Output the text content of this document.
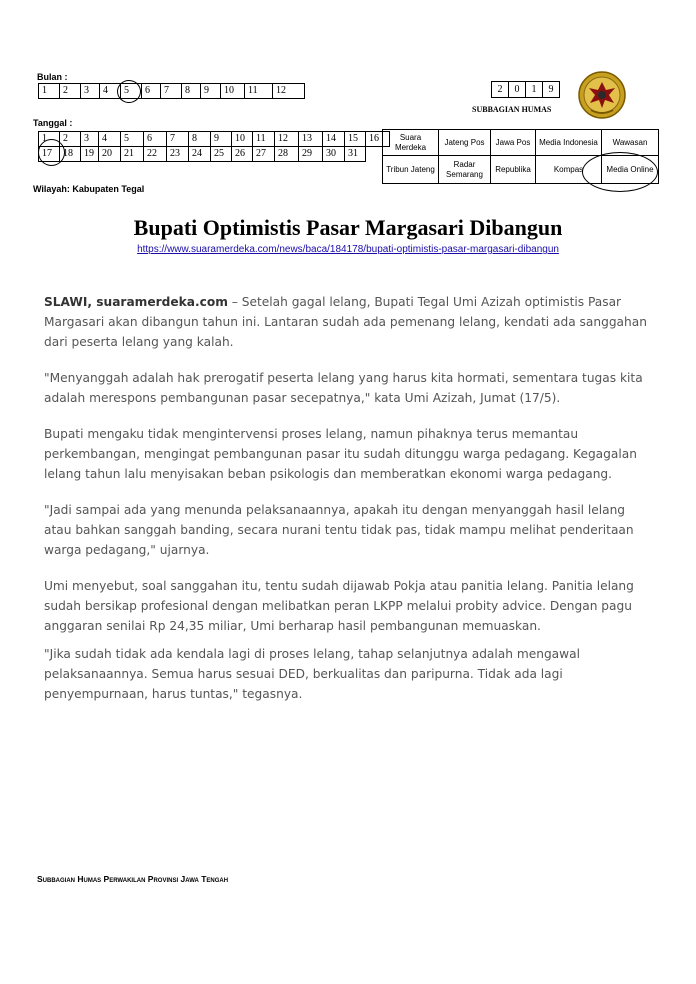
Bulan :
1	2	3	4	5	6	7	8	9	10	11	12
Tanggal :
1	2	3	4	5	6	7	8	9	10	11	12	13	14	15	16
17	18	19	20	21	22	23	24	25	26	27	28	29	30	31	
Wilayah: Kabupaten Tegal
2	0	1	9
SUBBAGIAN HUMAS
Suara Merdeka	Jateng Pos	Jawa Pos	Media Indonesia	Wawasan
Tribun Jateng	Radar Semarang	Republika	Kompas	Media Online
Bupati Optimistis Pasar Margasari Dibangun
https://www.suaramerdeka.com/news/baca/184178/bupati-optimistis-pasar-margasari-dibangun

SLAWI, suaramerdeka.com – Setelah gagal lelang, Bupati Tegal Umi Azizah optimistis Pasar Margasari akan dibangun tahun ini. Lantaran sudah ada pemenang lelang, kendati ada sanggahan dari peserta lelang yang kalah.

"Menyanggah adalah hak prerogatif peserta lelang yang harus kita hormati, sementara tugas kita adalah merespons pembangunan pasar secepatnya," kata Umi Azizah, Jumat (17/5).

Bupati mengaku tidak mengintervensi proses lelang, namun pihaknya terus memantau perkembangan, mengingat pembangunan pasar itu sudah ditunggu warga pedagang. Kegagalan lelang tahun lalu menyisakan beban psikologis dan memberatkan ekonomi warga pedagang.

"Jadi sampai ada yang menunda pelaksanaannya, apakah itu dengan menyanggah hasil lelang atau bahkan sanggah banding, secara nurani tentu tidak pas, tidak mampu melihat penderitaan warga pedagang," ujarnya.

Umi menyebut, soal sanggahan itu, tentu sudah dijawab Pokja atau panitia lelang. Panitia lelang sudah bersikap profesional dengan melibatkan peran LKPP melalui probity advice. Dengan pagu anggaran senilai Rp 24,35 miliar, Umi berharap hasil pembangunan memuaskan.

"Jika sudah tidak ada kendala lagi di proses lelang, tahap selanjutnya adalah mengawal pelaksanaannya. Semua harus sesuai DED, berkualitas dan paripurna. Tidak ada lagi penyempurnaan, harus tuntas," tegasnya.

Subbagian Humas Perwakilan Provinsi Jawa Tengah
